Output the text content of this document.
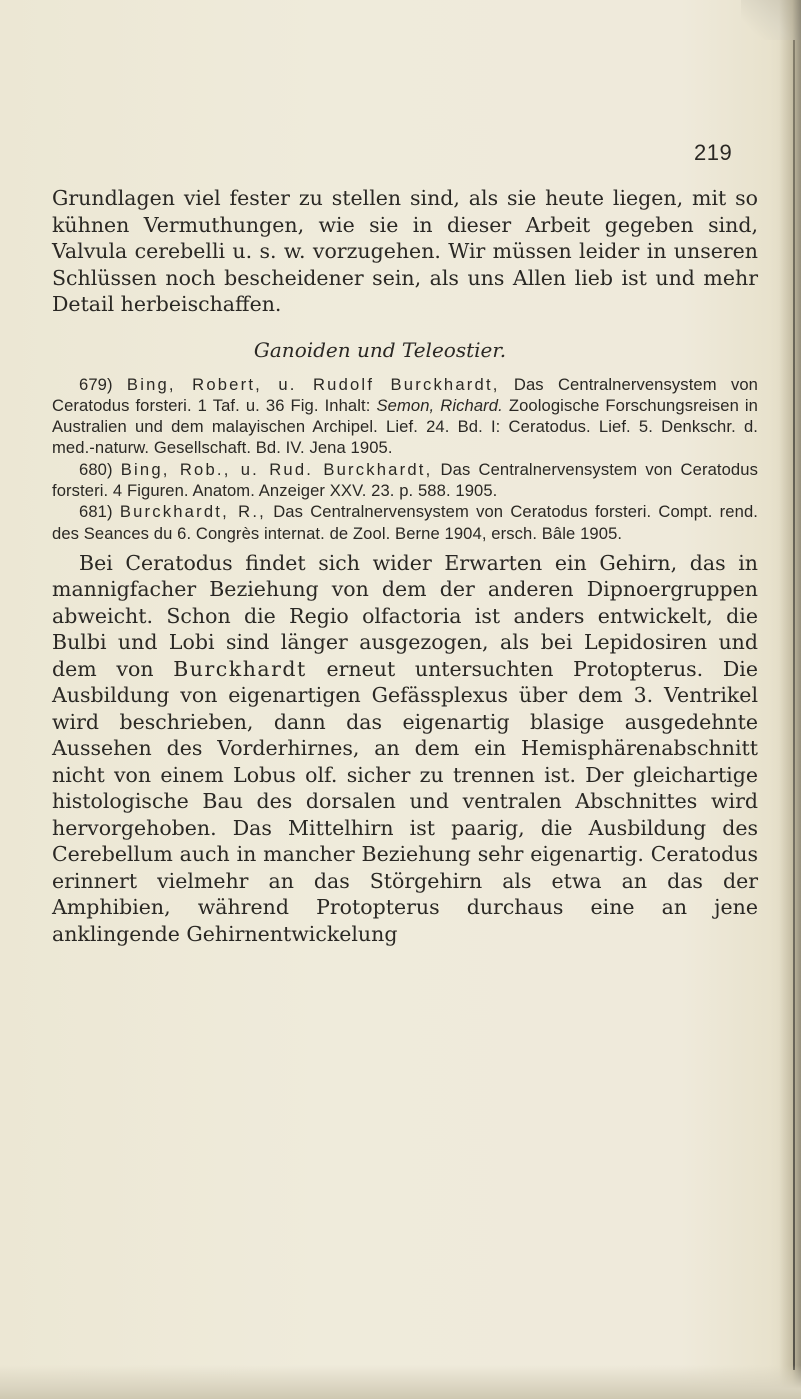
219

Grundlagen viel fester zu stellen sind, als sie heute liegen, mit so kühnen Vermuthungen, wie sie in dieser Arbeit gegeben sind, Valvula cerebelli u. s. w. vorzugehen. Wir müssen leider in unseren Schlüssen noch bescheidener sein, als uns Allen lieb ist und mehr Detail herbeischaffen.

Ganoiden und Teleostier.

679) Bing, Robert, u. Rudolf Burckhardt, Das Centralnervensystem von Ceratodus forsteri. 1 Taf. u. 36 Fig. Inhalt: Semon, Richard. Zoologische Forschungsreisen in Australien und dem malayischen Archipel. Lief. 24. Bd. I: Ceratodus. Lief. 5. Denkschr. d. med.-naturw. Gesellschaft. Bd. IV. Jena 1905.

680) Bing, Rob., u. Rud. Burckhardt, Das Centralnervensystem von Ceratodus forsteri. 4 Figuren. Anatom. Anzeiger XXV. 23. p. 588. 1905.

681) Burckhardt, R., Das Centralnervensystem von Ceratodus forsteri. Compt. rend. des Seances du 6. Congrès internat. de Zool. Berne 1904, ersch. Bâle 1905.

Bei Ceratodus findet sich wider Erwarten ein Gehirn, das in mannigfacher Beziehung von dem der anderen Dipnoergruppen abweicht. Schon die Regio olfactoria ist anders entwickelt, die Bulbi und Lobi sind länger ausgezogen, als bei Lepidosiren und dem von Burckhardt erneut untersuchten Protopterus. Die Ausbildung von eigenartigen Gefässplexus über dem 3. Ventrikel wird beschrieben, dann das eigenartig blasige ausgedehnte Aussehen des Vorderhirnes, an dem ein Hemisphärenabschnitt nicht von einem Lobus olf. sicher zu trennen ist. Der gleichartige histologische Bau des dorsalen und ventralen Abschnittes wird hervorgehoben. Das Mittelhirn ist paarig, die Ausbildung des Cerebellum auch in mancher Beziehung sehr eigenartig. Ceratodus erinnert vielmehr an das Störgehirn als etwa an das der Amphibien, während Protopterus durchaus eine an jene anklingende Gehirnentwickelung
